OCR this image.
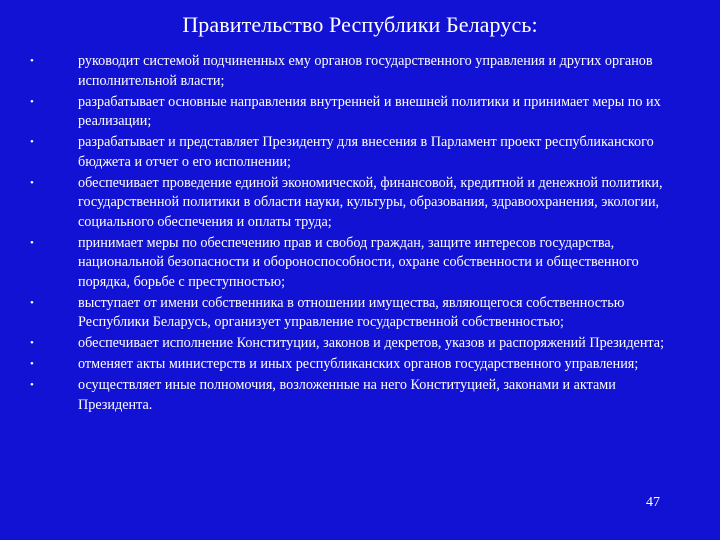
Правительство Республики Беларусь:
•	руководит системой подчиненных ему органов государственного управления и других органов исполнительной власти;
•	разрабатывает основные направления внутренней и внешней политики и принимает меры по их реализации;
•	разрабатывает и представляет Президенту для внесения в Парламент проект республиканского бюджета и отчет о его исполнении;
•	обеспечивает проведение единой экономической, финансовой, кредитной и денежной политики, государственной политики в области науки, культуры, образования, здравоохранения, экологии, социального обеспечения и оплаты труда;
•	принимает меры по обеспечению прав и свобод граждан, защите интересов государства, национальной безопасности и обороноспособности, охране собственности и общественного порядка, борьбе с преступностью;
•	выступает от имени собственника в отношении имущества, являющегося собственностью Республики Беларусь, организует управление государственной собственностью;
•	обеспечивает исполнение Конституции, законов и декретов, указов и распоряжений Президента;
•	отменяет акты министерств и иных республиканских органов государственного управления;
•	осуществляет иные полномочия, возложенные на него Конституцией, законами и актами Президента.
47
